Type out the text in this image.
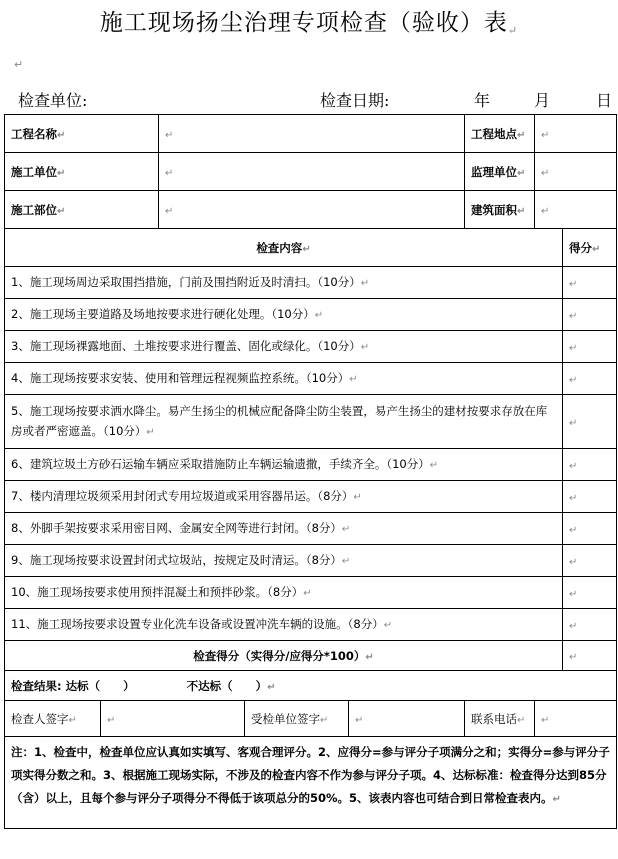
施工现场扬尘治理专项检查（验收）表↵
↵
检查单位:	检查日期:	年	月	日
工程名称↵		↵			工程地点↵	↵	
施工单位↵		↵			监理单位↵	↵	
施工部位↵		↵			建筑面积↵	↵	
检查内容↵							得分↵
1、施工现场周边采取围挡措施，门前及围挡附近及时清扫。（10分）↵							↵
2、施工现场主要道路及场地按要求进行硬化处理。（10分）↵							↵
3、施工现场裸露地面、土堆按要求进行覆盖、固化或绿化。（10分）↵							↵
4、施工现场按要求安装、使用和管理远程视频监控系统。（10分）↵							↵
5、施工现场按要求洒水降尘。易产生扬尘的机械应配备降尘防尘装置，易产生扬尘的建材按要求存放在库房或者严密遮盖。（10分）↵							↵
6、建筑垃圾土方砂石运输车辆应采取措施防止车辆运输遗撒，手续齐全。（10分）↵							↵
7、楼内清理垃圾须采用封闭式专用垃圾道或采用容器吊运。（8分）↵							↵
8、外脚手架按要求采用密目网、金属安全网等进行封闭。（8分）↵							↵
9、施工现场按要求设置封闭式垃圾站，按规定及时清运。（8分）↵							↵
10、施工现场按要求使用预拌混凝土和预拌砂浆。（8分）↵							↵
11、施工现场按要求设置专业化洗车设备或设置冲洗车辆的设施。（8分）↵							↵
检查得分（实得分/应得分*100）↵							↵
检查结果: 达标（　　） 不达标（　　）↵							
检查人签字↵	↵		受检单位签字↵	↵	联系电话↵	↵	
注：1、检查中，检查单位应认真如实填写、客观合理评分。2、应得分=参与评分子项满分之和；实得分=参与评分子项实得分数之和。3、根据施工现场实际，不涉及的检查内容不作为参与评分子项。4、达标标准：检查得分达到85分（含）以上，且每个参与评分子项得分不得低于该项总分的50%。5、该表内容也可结合到日常检查表内。↵							
